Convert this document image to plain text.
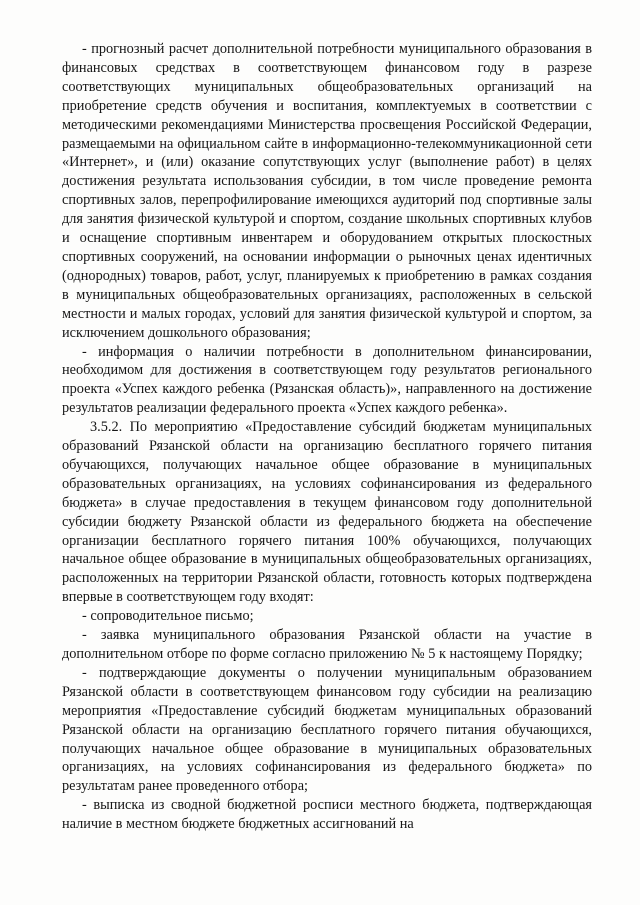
- прогнозный расчет дополнительной потребности муниципального образования в финансовых средствах в соответствующем финансовом году в разрезе соответствующих муниципальных общеобразовательных организаций на приобретение средств обучения и воспитания, комплектуемых в соответствии с методическими рекомендациями Министерства просвещения Российской Федерации, размещаемыми на официальном сайте в информационно-телекоммуникационной сети «Интернет», и (или) оказание сопутствующих услуг (выполнение работ) в целях достижения результата использования субсидии, в том числе проведение ремонта спортивных залов, перепрофилирование имеющихся аудиторий под спортивные залы для занятия физической культурой и спортом, создание школьных спортивных клубов и оснащение спортивным инвентарем и оборудованием открытых плоскостных спортивных сооружений, на основании информации о рыночных ценах идентичных (однородных) товаров, работ, услуг, планируемых к приобретению в рамках создания в муниципальных общеобразовательных организациях, расположенных в сельской местности и малых городах, условий для занятия физической культурой и спортом, за исключением дошкольного образования;

- информация о наличии потребности в дополнительном финансировании, необходимом для достижения в соответствующем году результатов регионального проекта «Успех каждого ребенка (Рязанская область)», направленного на достижение результатов реализации федерального проекта «Успех каждого ребенка».

3.5.2. По мероприятию «Предоставление субсидий бюджетам муниципальных образований Рязанской области на организацию бесплатного горячего питания обучающихся, получающих начальное общее образование в муниципальных образовательных организациях, на условиях софинансирования из федерального бюджета» в случае предоставления в текущем финансовом году дополнительной субсидии бюджету Рязанской области из федерального бюджета на обеспечение организации бесплатного горячего питания 100% обучающихся, получающих начальное общее образование в муниципальных общеобразовательных организациях, расположенных на территории Рязанской области, готовность которых подтверждена впервые в соответствующем году входят:

- сопроводительное письмо;

- заявка муниципального образования Рязанской области на участие в дополнительном отборе по форме согласно приложению № 5 к настоящему Порядку;

- подтверждающие документы о получении муниципальным образованием Рязанской области в соответствующем финансовом году субсидии на реализацию мероприятия «Предоставление субсидий бюджетам муниципальных образований Рязанской области на организацию бесплатного горячего питания обучающихся, получающих начальное общее образование в муниципальных образовательных организациях, на условиях софинансирования из федерального бюджета» по результатам ранее проведенного отбора;

- выписка из сводной бюджетной росписи местного бюджета, подтверждающая наличие в местном бюджете бюджетных ассигнований на
